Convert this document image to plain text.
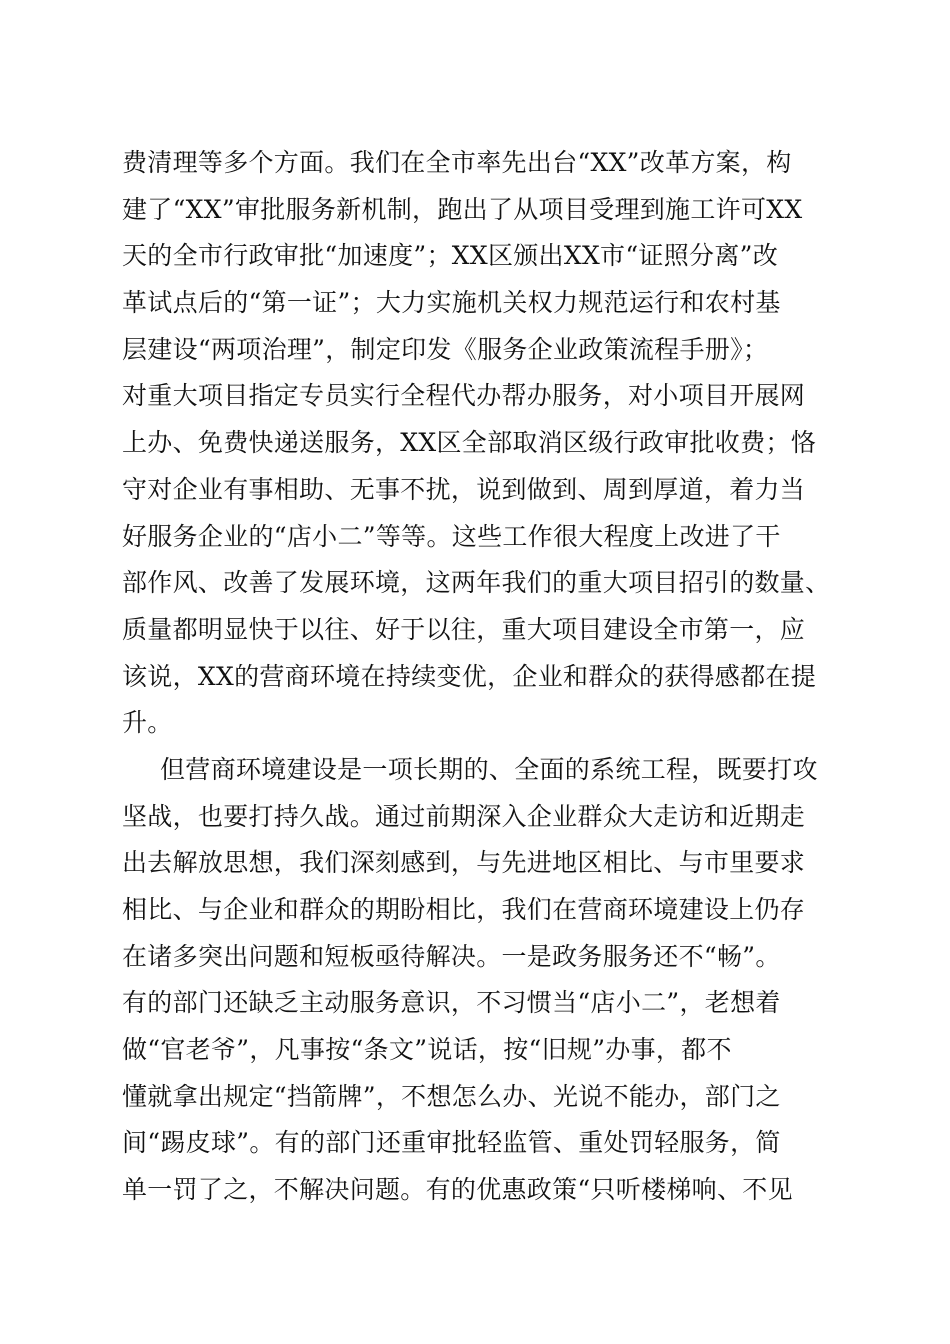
费清理等多个方面。我们在全市率先出台“XX”改革方案，构
建了“XX”审批服务新机制，跑出了从项目受理到施工许可XX
天的全市行政审批“加速度”；XX区颁出XX市“证照分离”改
革试点后的“第一证”；大力实施机关权力规范运行和农村基
层建设“两项治理”，制定印发《服务企业政策流程手册》；
对重大项目指定专员实行全程代办帮办服务，对小项目开展网
上办、免费快递送服务，XX区全部取消区级行政审批收费；恪
守对企业有事相助、无事不扰，说到做到、周到厚道，着力当
好服务企业的“店小二”等等。这些工作很大程度上改进了干
部作风、改善了发展环境，这两年我们的重大项目招引的数量、
质量都明显快于以往、好于以往，重大项目建设全市第一，应
该说，XX的营商环境在持续变优，企业和群众的获得感都在提
升。
但营商环境建设是一项长期的、全面的系统工程，既要打攻
坚战，也要打持久战。通过前期深入企业群众大走访和近期走
出去解放思想，我们深刻感到，与先进地区相比、与市里要求
相比、与企业和群众的期盼相比，我们在营商环境建设上仍存
在诸多突出问题和短板亟待解决。一是政务服务还不“畅”。
有的部门还缺乏主动服务意识，不习惯当“店小二”，老想着
做“官老爷”，凡事按“条文”说话，按“旧规”办事，都不
懂就拿出规定“挡箭牌”，不想怎么办、光说不能办，部门之
间“踢皮球”。有的部门还重审批轻监管、重处罚轻服务，简
单一罚了之，不解决问题。有的优惠政策“只听楼梯响、不见
